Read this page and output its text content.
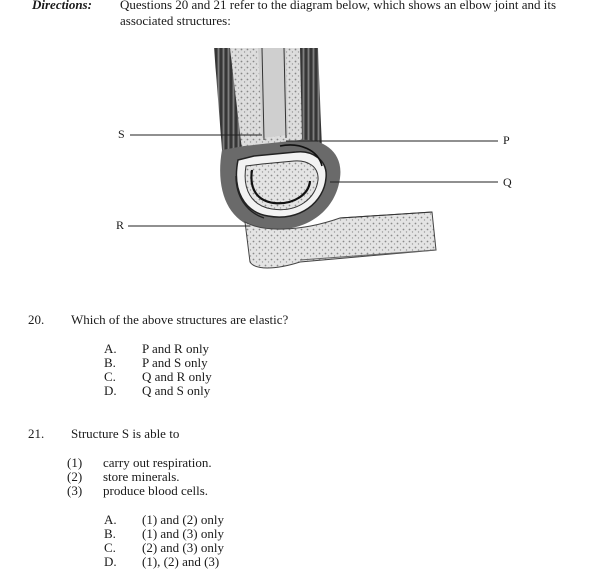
Directions: Questions 20 and 21 refer to the diagram below, which shows an elbow joint and its associated structures:
S	P
Q
R
20. Which of the above structures are elastic?
A.	P and R only
B.	P and S only
C.	Q and R only
D.	Q and S only
21. Structure S is able to
(1)	carry out respiration.
(2)	store minerals.
(3)	produce blood cells.
A.	(1) and (2) only
B.	(1) and (3) only
C.	(2) and (3) only
D.	(1), (2) and (3)
